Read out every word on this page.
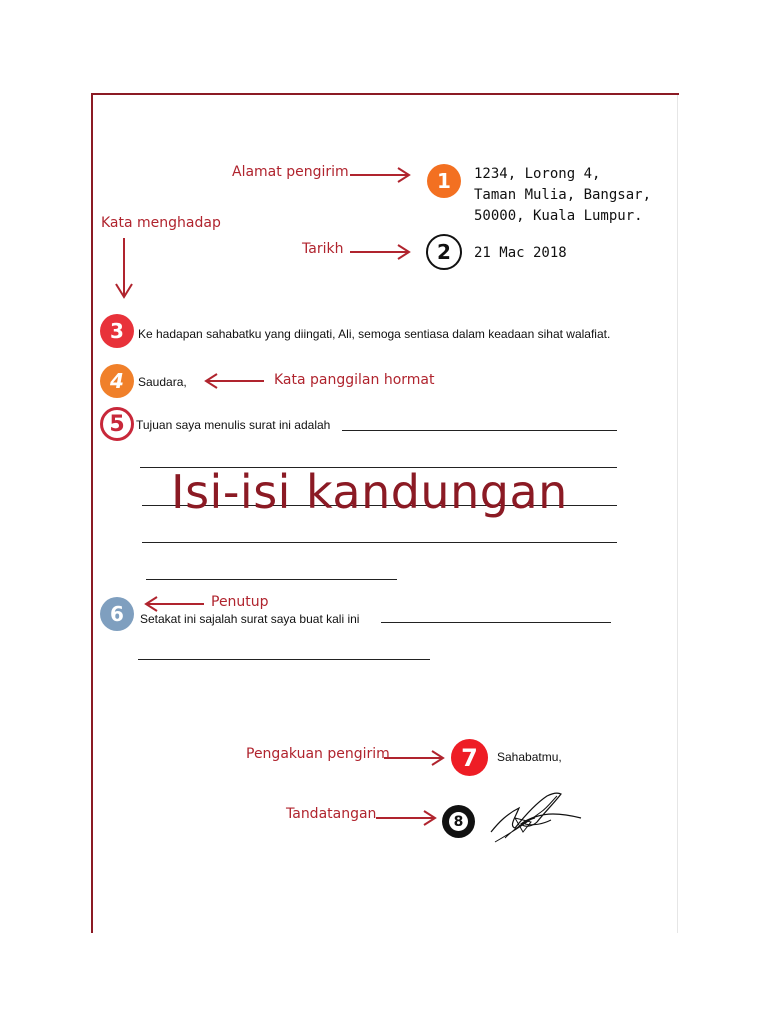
Alamat pengirim	1	1234, Lorong 4,
Taman Mulia, Bangsar,
50000, Kuala Lumpur.
Kata menghadap
Tarikh	2	21 Mac 2018
3	Ke hadapan sahabatku yang diingati, Ali, semoga sentiasa dalam keadaan sihat walafiat.
4	Saudara,	Kata panggilan hormat
5 Tujuan saya menulis surat ini adalah
Isi-isi kandungan
Penutup
6	Setakat ini sajalah surat saya buat kali ini
Pengakuan pengirim	7	Sahabatmu,
Tandatangan	8
